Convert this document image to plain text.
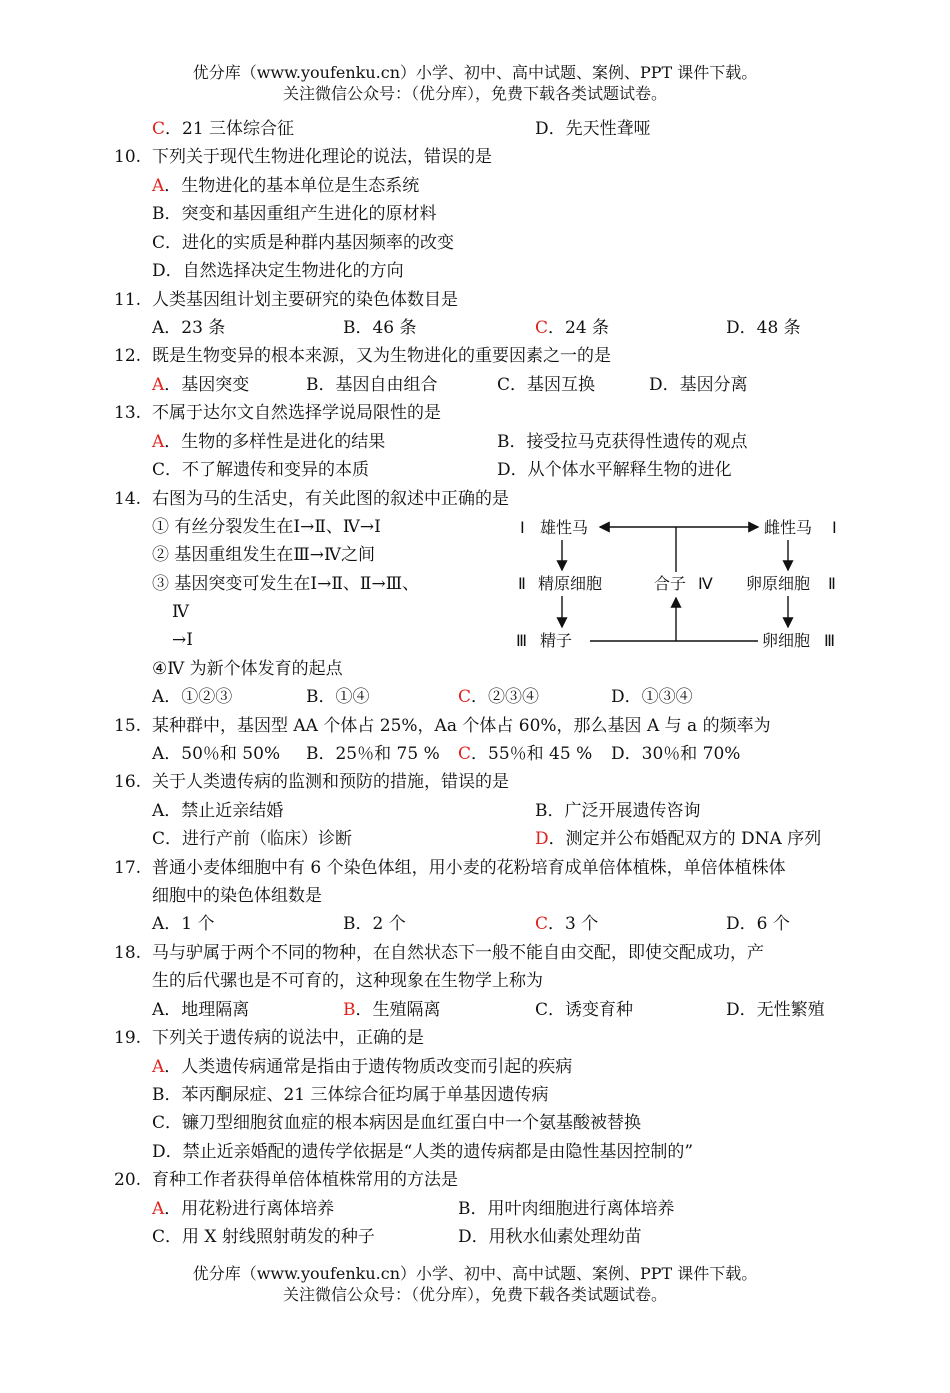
优分库（www.youfenku.cn）小学、初中、高中试题、案例、PPT 课件下载。
关注微信公众号：（优分库），免费下载各类试题试卷。
C．21 三体综合征	D．先天性聋哑
10. 下列关于现代生物进化理论的说法，错误的是
A．生物进化的基本单位是生态系统
B．突变和基因重组产生进化的原材料
C．进化的实质是种群内基因频率的改变
D．自然选择决定生物进化的方向
11. 人类基因组计划主要研究的染色体数目是
A．23 条	B．46 条	C．24 条	D．48 条
12. 既是生物变异的根本来源，又为生物进化的重要因素之一的是
A．基因突变	B．基因自由组合	C．基因互换	D．基因分离
13. 不属于达尔文自然选择学说局限性的是
A．生物的多样性是进化的结果	B．接受拉马克获得性遗传的观点
C．不了解遗传和变异的本质	D．从个体水平解释生物的进化
14. 右图为马的生活史，有关此图的叙述中正确的是
① 有丝分裂发生在Ⅰ→Ⅱ、Ⅳ→Ⅰ
② 基因重组发生在Ⅲ→Ⅳ之间
③ 基因突变可发生在Ⅰ→Ⅱ、Ⅱ→Ⅲ、
Ⅳ
→Ⅰ
④Ⅳ 为新个体发育的起点
Ⅰ 雄性马	雌性马 Ⅰ
Ⅱ 精原细胞	合子 Ⅳ 卵原细胞 Ⅱ
Ⅲ 精子	卵细胞 Ⅲ
A．①②③	B．①④	C．②③④	D．①③④
15. 某种群中，基因型 AA 个体占 25%，Aa 个体占 60%，那么基因 A 与 a 的频率为
A．50％和 50% B．25％和 75 % C．55％和 45 % D．30％和 70%
16. 关于人类遗传病的监测和预防的措施，错误的是
A．禁止近亲结婚	B．广泛开展遗传咨询
C．进行产前（临床）诊断	D．测定并公布婚配双方的 DNA 序列
17. 普通小麦体细胞中有 6 个染色体组，用小麦的花粉培育成单倍体植株，单倍体植株体
细胞中的染色体组数是
A．1 个	B．2 个	C．3 个	D．6 个
18. 马与驴属于两个不同的物种，在自然状态下一般不能自由交配，即使交配成功，产
生的后代骡也是不可育的，这种现象在生物学上称为
A．地理隔离	B．生殖隔离	C．诱变育种	D．无性繁殖
19. 下列关于遗传病的说法中，正确的是
A．人类遗传病通常是指由于遗传物质改变而引起的疾病
B．苯丙酮尿症、21 三体综合征均属于单基因遗传病
C．镰刀型细胞贫血症的根本病因是血红蛋白中一个氨基酸被替换
D．禁止近亲婚配的遗传学依据是“人类的遗传病都是由隐性基因控制的”
20. 育种工作者获得单倍体植株常用的方法是
A．用花粉进行离体培养	B．用叶肉细胞进行离体培养
C．用 X 射线照射萌发的种子	D．用秋水仙素处理幼苗
优分库（www.youfenku.cn）小学、初中、高中试题、案例、PPT 课件下载。
关注微信公众号：（优分库），免费下载各类试题试卷。
